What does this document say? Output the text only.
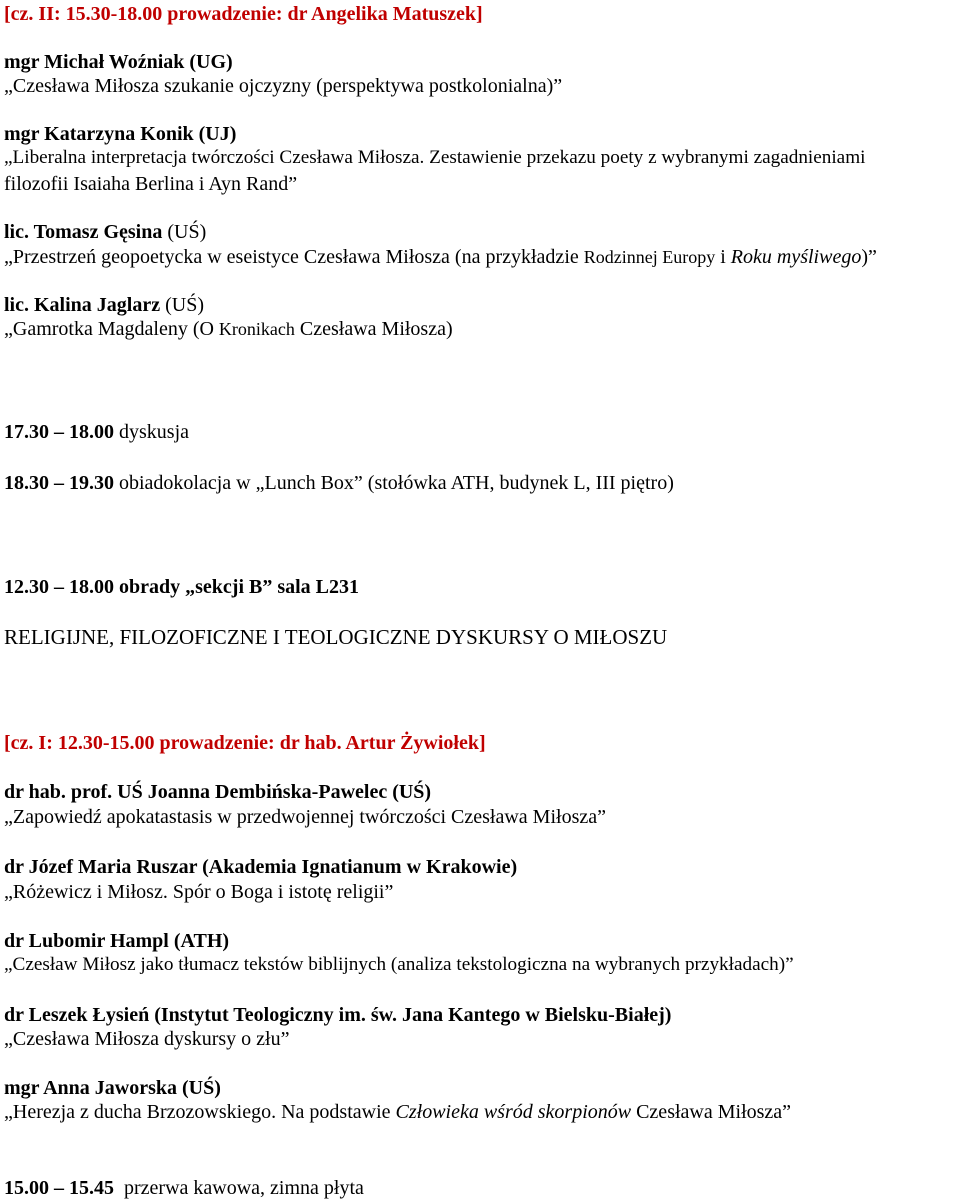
[cz. II: 15.30-18.00 prowadzenie: dr Angelika Matuszek]
mgr Michał Woźniak (UG)
„Czesława Miłosza szukanie ojczyzny (perspektywa postkolonialna)”
mgr Katarzyna Konik (UJ)
„Liberalna interpretacja twórczości Czesława Miłosza. Zestawienie przekazu poety z wybranymi zagadnieniami
filozofii Isaiaha Berlina i Ayn Rand”
lic. Tomasz Gęsina (UŚ)
„Przestrzeń geopoetycka w eseistyce Czesława Miłosza (na przykładzie Rodzinnej Europy i Roku myśliwego)”
lic. Kalina Jaglarz (UŚ)
„Gamrotka Magdaleny (O Kronikach Czesława Miłosza)
17.30 – 18.00 dyskusja
18.30 – 19.30 obiadokolacja w „Lunch Box” (stołówka ATH, budynek L, III piętro)
12.30 – 18.00 obrady „sekcji B” sala L231
RELIGIJNE, FILOZOFICZNE I TEOLOGICZNE DYSKURSY O MIŁOSZU
[cz. I: 12.30-15.00 prowadzenie: dr hab. Artur Żywiołek]
dr hab. prof. UŚ Joanna Dembińska-Pawelec (UŚ)
„Zapowiedź apokatastasis w przedwojennej twórczości Czesława Miłosza”
dr Józef Maria Ruszar (Akademia Ignatianum w Krakowie)
„Różewicz i Miłosz. Spór o Boga i istotę religii”
dr Lubomir Hampl (ATH)
„Czesław Miłosz jako tłumacz tekstów biblijnych (analiza tekstologiczna na wybranych przykładach)”
dr Leszek Łysień (Instytut Teologiczny im. św. Jana Kantego w Bielsku-Białej)
„Czesława Miłosza dyskursy o złu”
mgr Anna Jaworska (UŚ)
„Herezja z ducha Brzozowskiego. Na podstawie Człowieka wśród skorpionów Czesława Miłosza”
15.00 – 15.45  przerwa kawowa, zimna płyta
